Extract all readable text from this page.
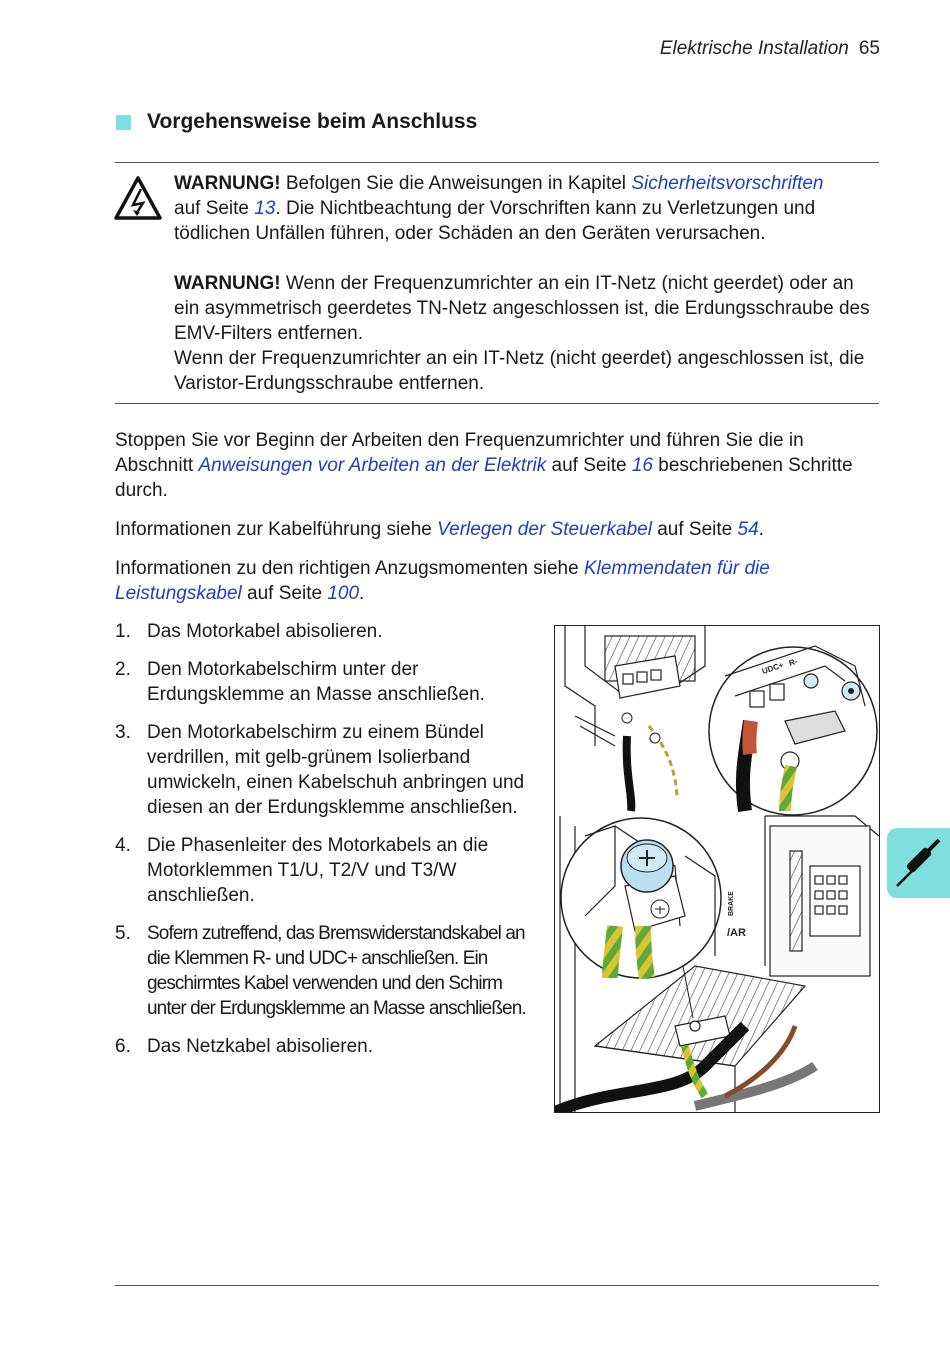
Elektrische Installation 65
Vorgehensweise beim Anschluss

WARNUNG! Befolgen Sie die Anweisungen in Kapitel Sicherheitsvorschriften
auf Seite 13. Die Nichtbeachtung der Vorschriften kann zu Verletzungen und tödlichen Unfällen führen, oder Schäden an den Geräten verursachen.

WARNUNG! Wenn der Frequenzumrichter an ein IT-Netz (nicht geerdet) oder an ein asymmetrisch geerdetes TN-Netz angeschlossen ist, die Erdungsschraube des EMV-Filters entfernen.
Wenn der Frequenzumrichter an ein IT-Netz (nicht geerdet) angeschlossen ist, die Varistor-Erdungsschraube entfernen.

Stoppen Sie vor Beginn der Arbeiten den Frequenzumrichter und führen Sie die in Abschnitt Anweisungen vor Arbeiten an der Elektrik auf Seite 16 beschriebenen Schritte durch.

Informationen zur Kabelführung siehe Verlegen der Steuerkabel auf Seite 54.

Informationen zu den richtigen Anzugsmomenten siehe Klemmendaten für die Leistungskabel auf Seite 100.

1. Das Motorkabel abisolieren.
2. Den Motorkabelschirm unter der Erdungsklemme an Masse anschließen.
3. Den Motorkabelschirm zu einem Bündel verdrillen, mit gelb-grünem Isolierband umwickeln, einen Kabelschuh anbringen und diesen an der Erdungsklemme anschließen.
4. Die Phasenleiter des Motorkabels an die Motorklemmen T1/U, T2/V und T3/W anschließen.
5. Sofern zutreffend, das Bremswiderstandskabel an die Klemmen R- und UDC+ anschließen. Ein geschirmtes Kabel verwenden und den Schirm unter der Erdungsklemme an Masse anschließen.
6. Das Netzkabel abisolieren.
UDC+ R-
BRAKE
/AR
